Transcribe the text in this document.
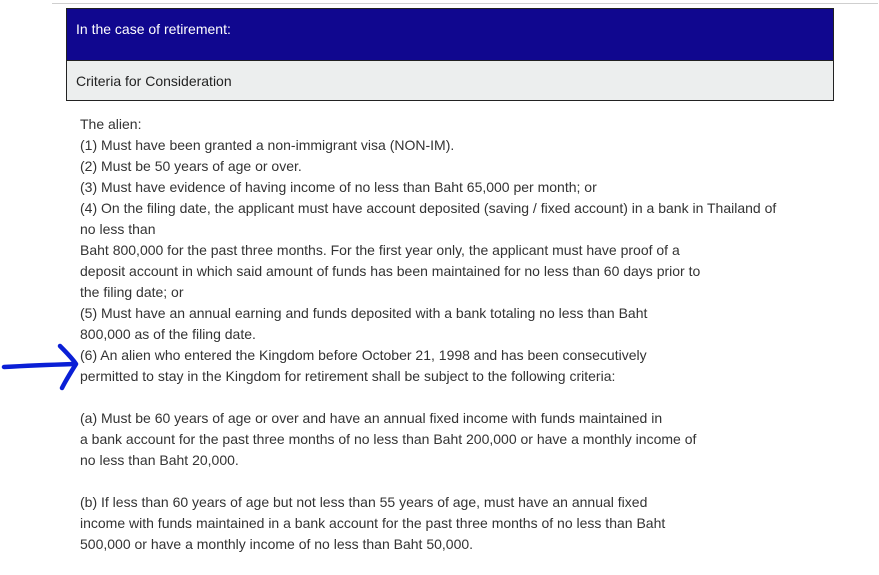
In the case of retirement:
Criteria for Consideration
The alien:
(1) Must have been granted a non-immigrant visa (NON-IM).
(2) Must be 50 years of age or over.
(3) Must have evidence of having income of no less than Baht 65,000 per month; or
(4) On the filing date, the applicant must have account deposited (saving / fixed account) in a bank in Thailand of
no less than
Baht 800,000 for the past three months. For the first year only, the applicant must have proof of a
deposit account in which said amount of funds has been maintained for no less than 60 days prior to
the filing date; or
(5) Must have an annual earning and funds deposited with a bank totaling no less than Baht
800,000 as of the filing date.
(6) An alien who entered the Kingdom before October 21, 1998 and has been consecutively
permitted to stay in the Kingdom for retirement shall be subject to the following criteria:
(a) Must be 60 years of age or over and have an annual fixed income with funds maintained in
a bank account for the past three months of no less than Baht 200,000 or have a monthly income of
no less than Baht 20,000.
(b) If less than 60 years of age but not less than 55 years of age, must have an annual fixed
income with funds maintained in a bank account for the past three months of no less than Baht
500,000 or have a monthly income of no less than Baht 50,000.
